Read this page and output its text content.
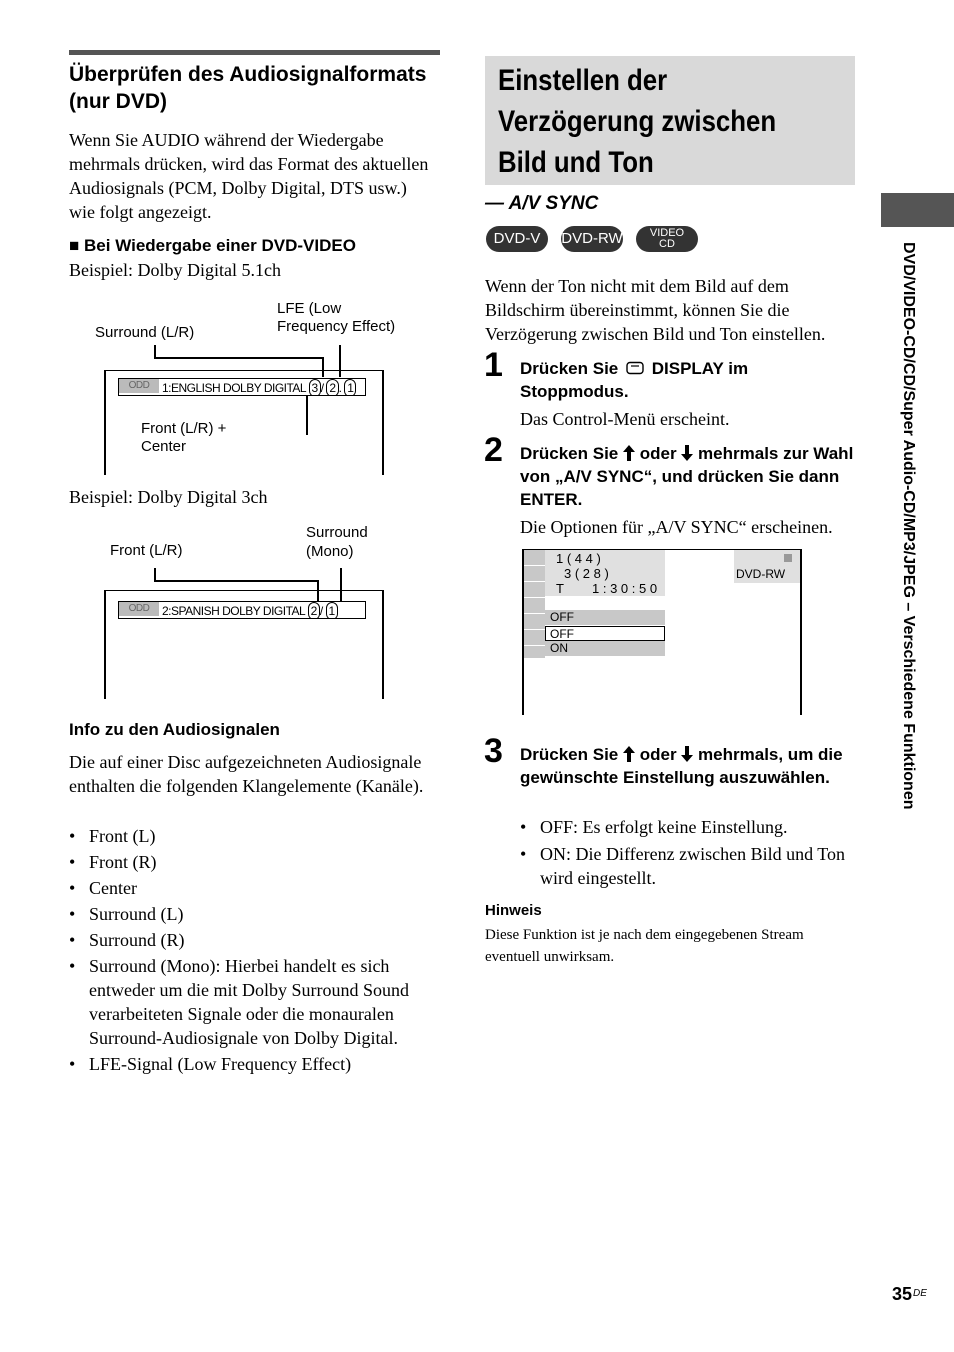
Überprüfen des Audiosignalformats (nur DVD)
Wenn Sie AUDIO während der Wiedergabe mehrmals drücken, wird das Format des aktuellen Audiosignals (PCM, Dolby Digital, DTS usw.) wie folgt angezeigt.
■ Bei Wiedergabe einer DVD-VIDEO
Beispiel: Dolby Digital 5.1ch
Surround (L/R)
LFE (Low
Frequency Effect)
ODD 1:ENGLISH DOLBY DIGITAL 3 / 2 . 1
Front (L/R) +
Center
Beispiel: Dolby Digital 3ch
Front (L/R)
Surround
(Mono)
ODD 2:SPANISH DOLBY DIGITAL 2 / 1
Info zu den Audiosignalen
Die auf einer Disc aufgezeichneten Audiosignale enthalten die folgenden Klangelemente (Kanäle).
• Front (L)
• Front (R)
• Center
• Surround (L)
• Surround (R)
• Surround (Mono): Hierbei handelt es sich entweder um die mit Dolby Surround Sound verarbeiteten Signale oder die monauralen Surround-Audiosignale von Dolby Digital.
• LFE-Signal (Low Frequency Effect)
Einstellen der
Verzögerung zwischen
Bild und Ton
— A/V SYNC
DVD-V	DVD-RW	VIDEO
CD
Wenn der Ton nicht mit dem Bild auf dem Bildschirm übereinstimmt, können Sie die Verzögerung zwischen Bild und Ton einstellen.
1 Drücken Sie DISPLAY im Stoppmodus.
Das Control-Menü erscheint.
2 Drücken Sie oder mehrmals zur Wahl von „A/V SYNC“, und drücken Sie dann ENTER.
Die Optionen für „A/V SYNC“ erscheinen.
1 ( 4 4 )
3 ( 2 8 )
T 1 : 3 0 : 5 0
DVD-RW
OFF
OFF
ON
3 Drücken Sie oder mehrmals, um die gewünschte Einstellung auszuwählen.
• OFF: Es erfolgt keine Einstellung.
• ON: Die Differenz zwischen Bild und Ton wird eingestellt.
Hinweis
Diese Funktion ist je nach dem eingegebenen Stream eventuell unwirksam.
DVD/VIDEO-CD/CD/Super Audio-CD/MP3/JPEG – Verschiedene Funktionen
35DE
